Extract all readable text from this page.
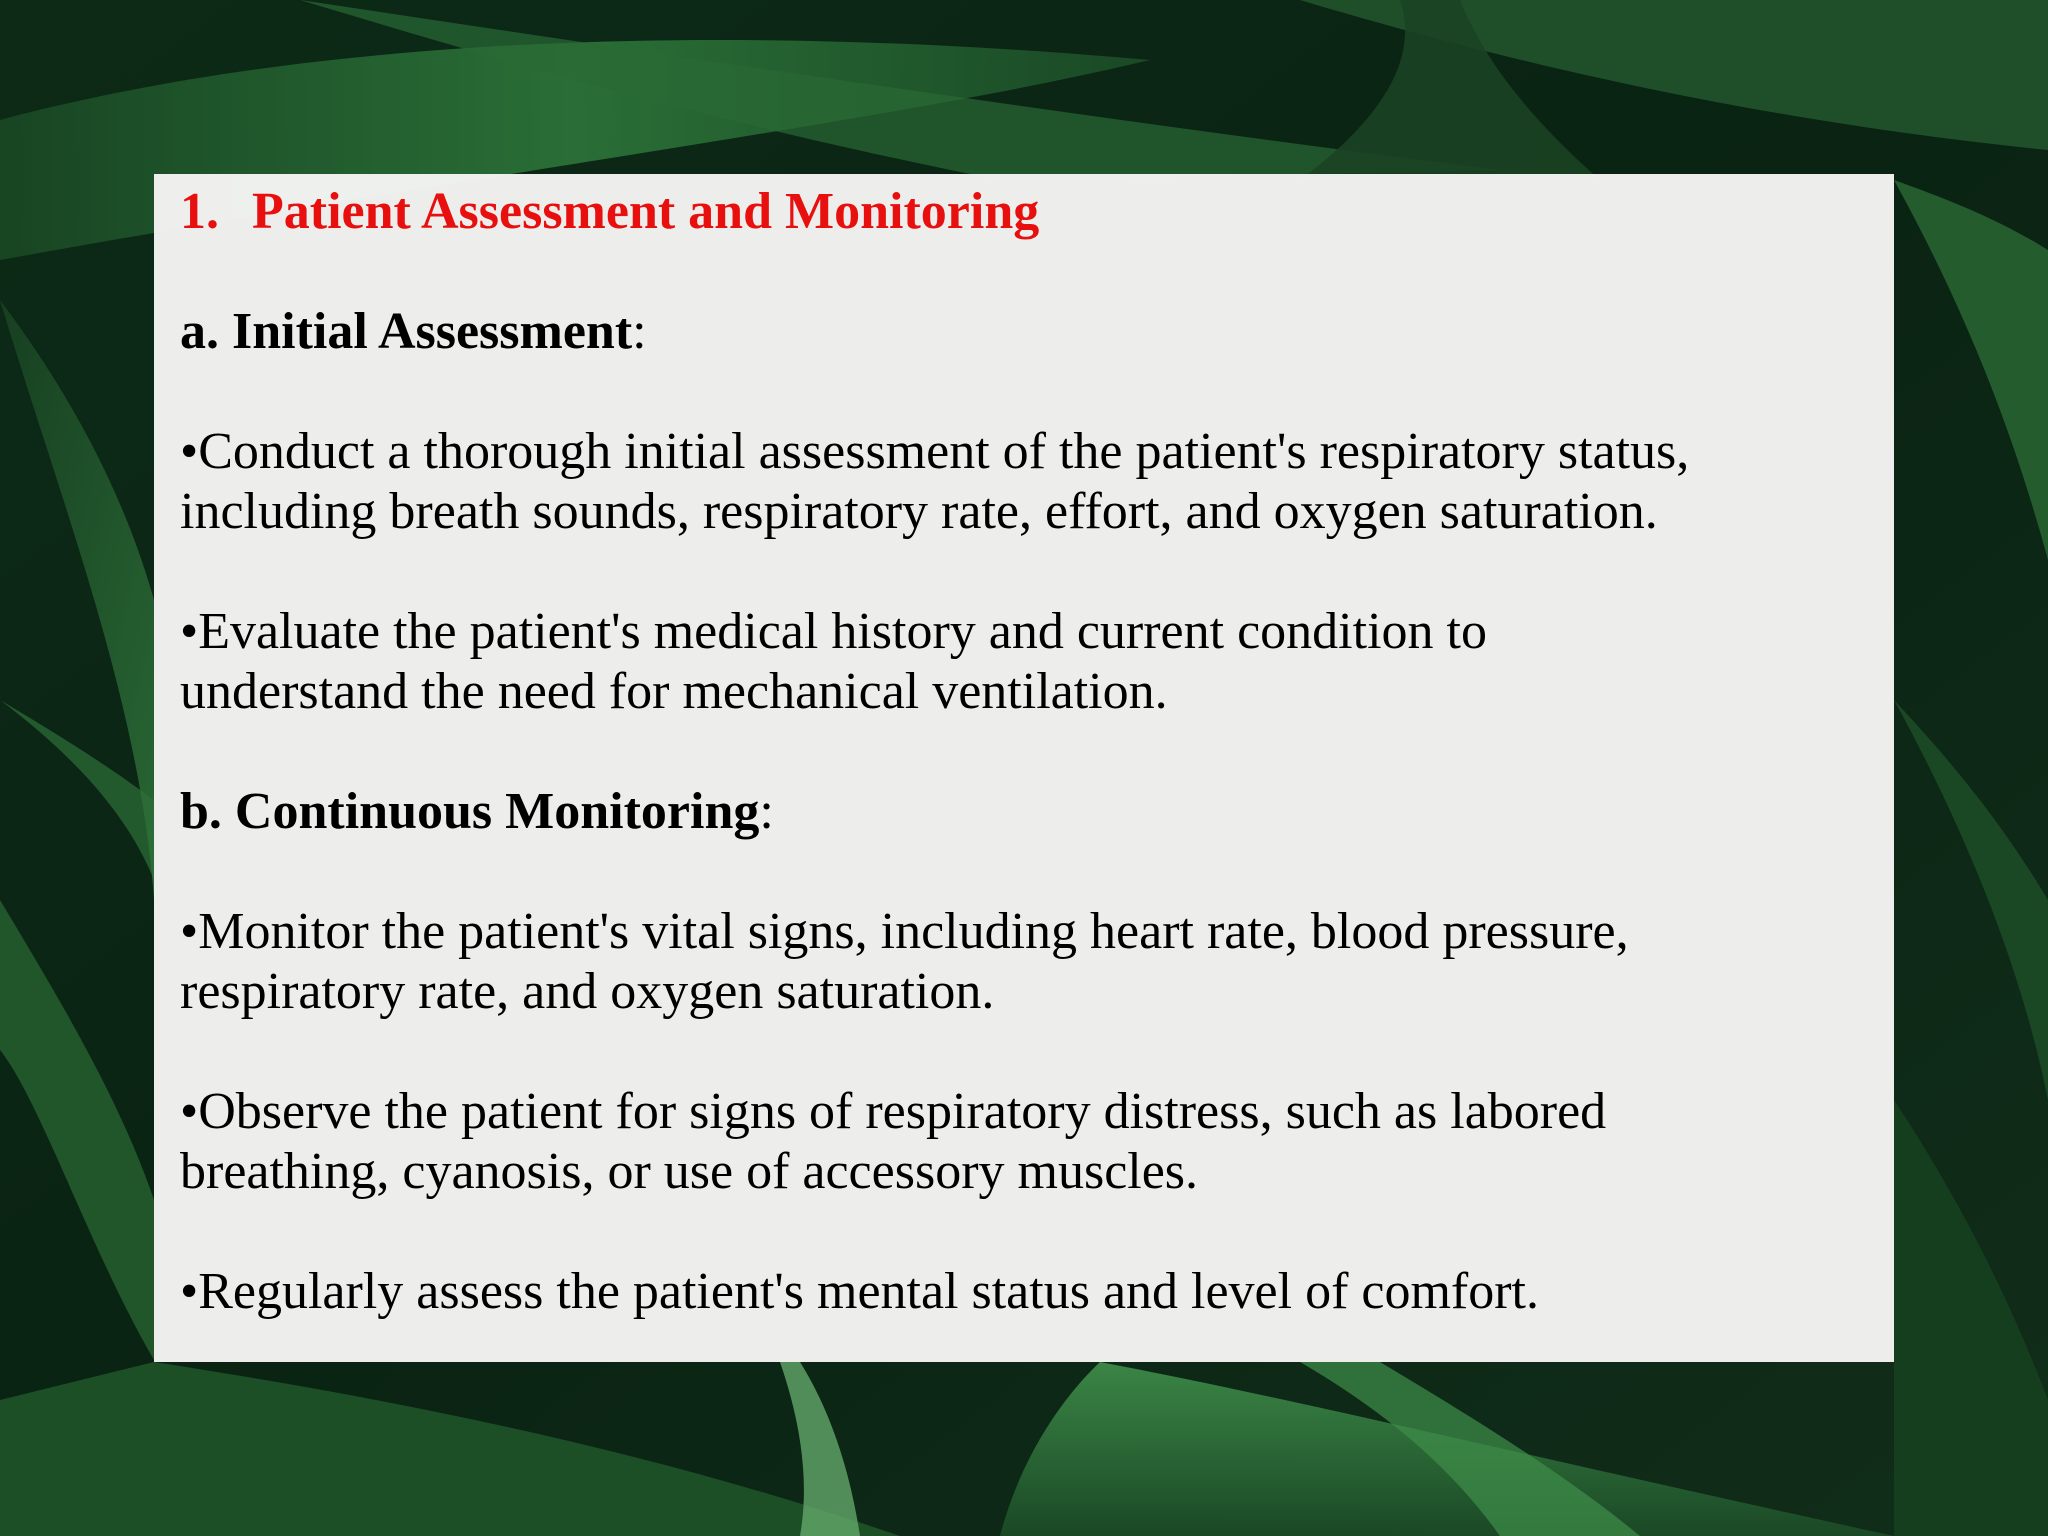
1. Patient Assessment and Monitoring

a. Initial Assessment:

•Conduct a thorough initial assessment of the patient's respiratory status,
including breath sounds, respiratory rate, effort, and oxygen saturation.

•Evaluate the patient's medical history and current condition to
understand the need for mechanical ventilation.

b. Continuous Monitoring:

•Monitor the patient's vital signs, including heart rate, blood pressure,
respiratory rate, and oxygen saturation.

•Observe the patient for signs of respiratory distress, such as labored
breathing, cyanosis, or use of accessory muscles.

•Regularly assess the patient's mental status and level of comfort.
